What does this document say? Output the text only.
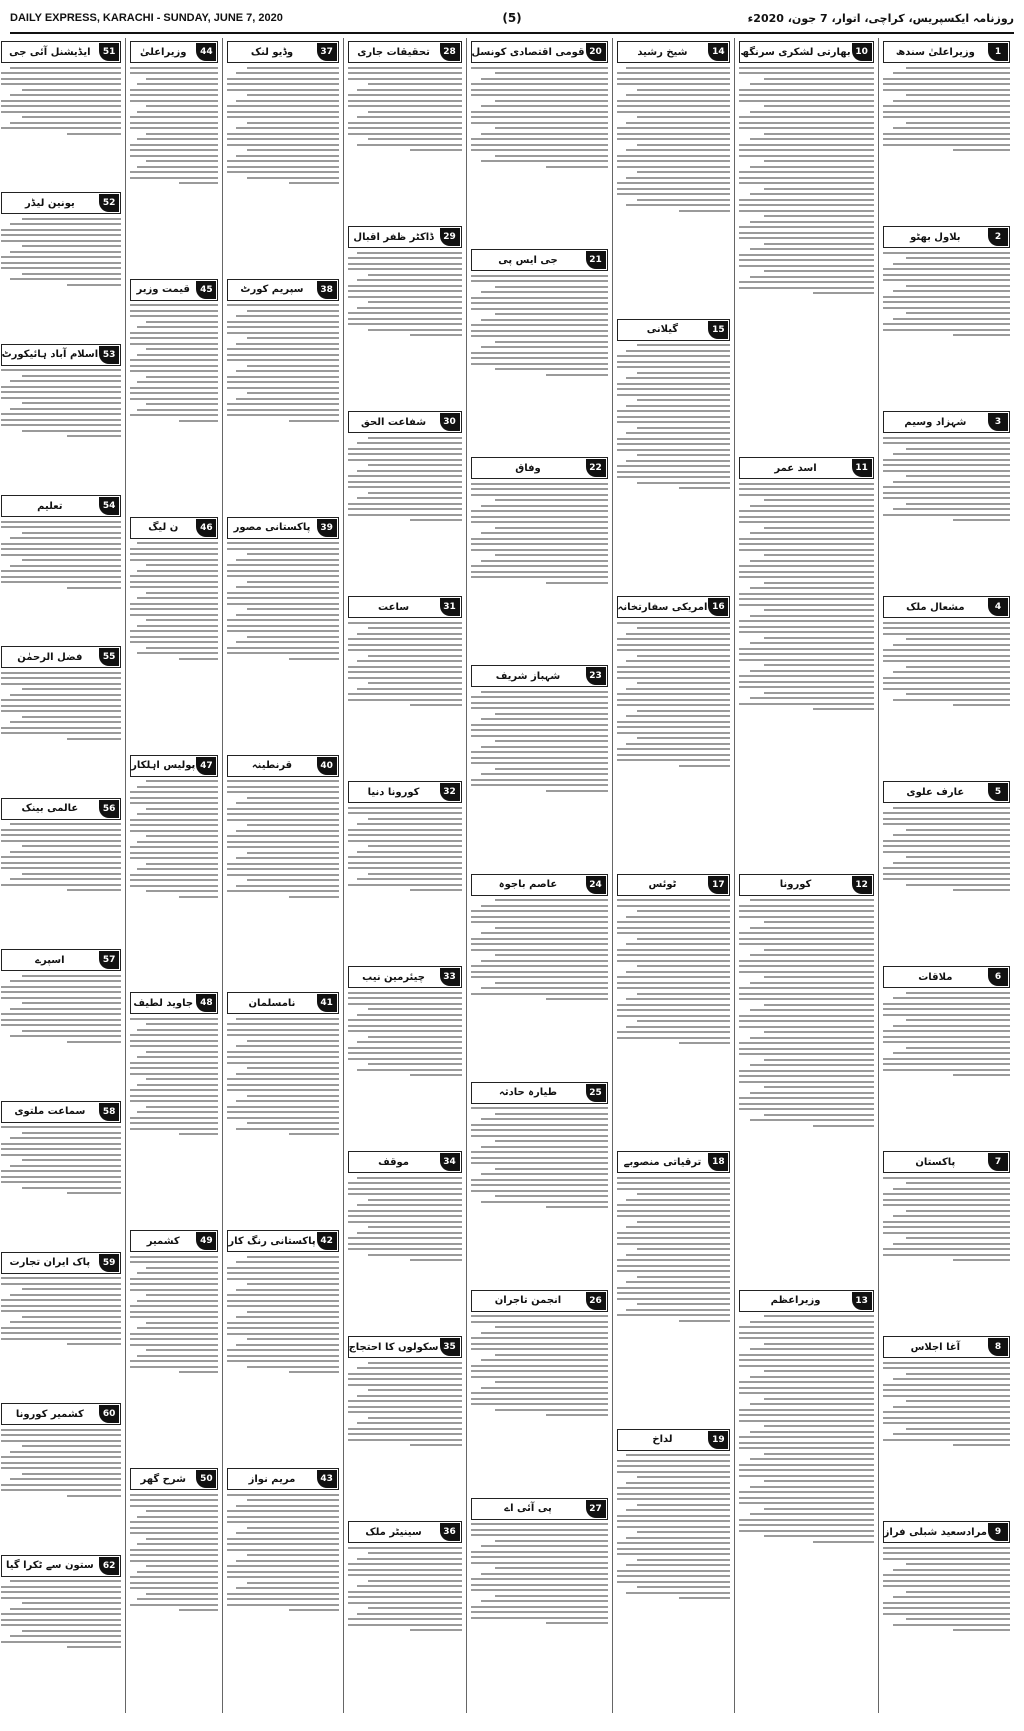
DAILY EXPRESS, KARACHI - SUNDAY, JUNE 7, 2020	(5)	روزنامہ ایکسپریس، کراچی، اتوار، 7 جون، 2020ء
1
وزیراعلیٰ سندھ
2
بلاول بھٹو
3
شہزاد وسیم
4
مشعال ملک
5
عارف علوی
6
ملاقات
7
پاکستان
8
آغا اجلاس
9
مرادسعید شبلی فراز
10
بھارتی لشکری سرنگھ
11
اسد عمر
12
کورونا
13
وزیراعظم
14
شیخ رشید
15
گیلانی
16
امریکی سفارتخانہ
17
ٹوئس
18
ترقیاتی منصوبے
19
لداخ
20
قومی اقتصادی کونسل
21
جی ایس پی
22
وفاق
23
شہباز شریف
24
عاصم باجوہ
25
طیارہ حادثہ
26
انجمن تاجران
27
پی آئی اے
28
تحقیقات جاری
29
ڈاکٹر ظفر اقبال
30
شفاعت الحق
31
ساعت
32
کورونا دنیا
33
چیئرمین نیب
34
موقف
35
سکولوں کا احتجاج
36
سینیٹر ملک
37
وڈیو لنک
38
سپریم کورٹ
39
پاکستانی مصور
40
قرنطینہ
41
نامسلمان
42
پاکستانی رنگ کار
43
مریم نواز
44
وزیراعلیٰ
45
قیمت وزیر
46
ن لیگ
47
پولیس اہلکار
48
جاوید لطیف
49
کشمیر
50
شرح گھر
51
ایڈیشنل آئی جی
52
یونین لیڈر
53
اسلام آباد ہائیکورٹ
54
تعلیم
55
فضل الرحمٰن
56
عالمی بینک
57
اسپرے
58
سماعت ملتوی
59
پاک ایران تجارت
60
کشمیر کورونا
62
ستون سے ٹکرا گیا
